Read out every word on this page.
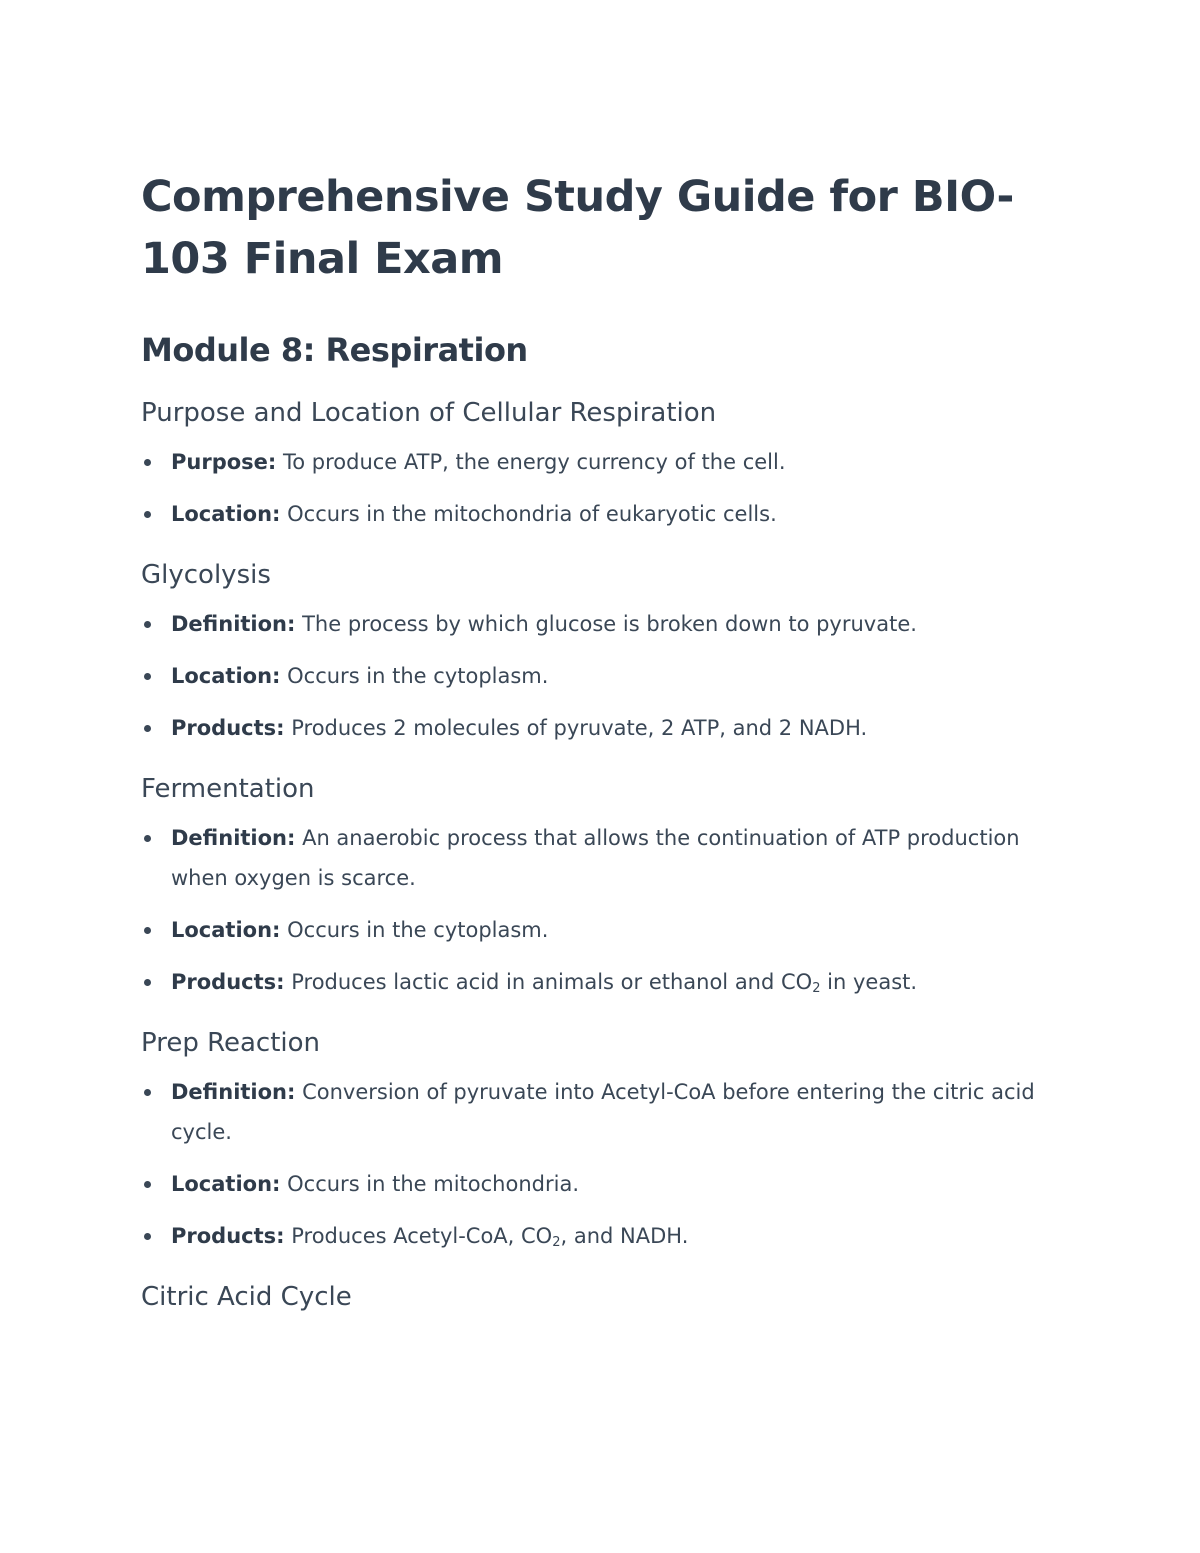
Comprehensive Study Guide for BIO-103 Final Exam
Module 8: Respiration
Purpose and Location of Cellular Respiration
Purpose: To produce ATP, the energy currency of the cell.
Location: Occurs in the mitochondria of eukaryotic cells.
Glycolysis
Definition: The process by which glucose is broken down to pyruvate.
Location: Occurs in the cytoplasm.
Products: Produces 2 molecules of pyruvate, 2 ATP, and 2 NADH.
Fermentation
Definition: An anaerobic process that allows the continuation of ATP production when oxygen is scarce.
Location: Occurs in the cytoplasm.
Products: Produces lactic acid in animals or ethanol and $CO_2$ in yeast.
Prep Reaction
Definition: Conversion of pyruvate into Acetyl-CoA before entering the citric acid cycle.
Location: Occurs in the mitochondria.
Products: Produces Acetyl-CoA, $CO_2$, and NADH.
Citric Acid Cycle
